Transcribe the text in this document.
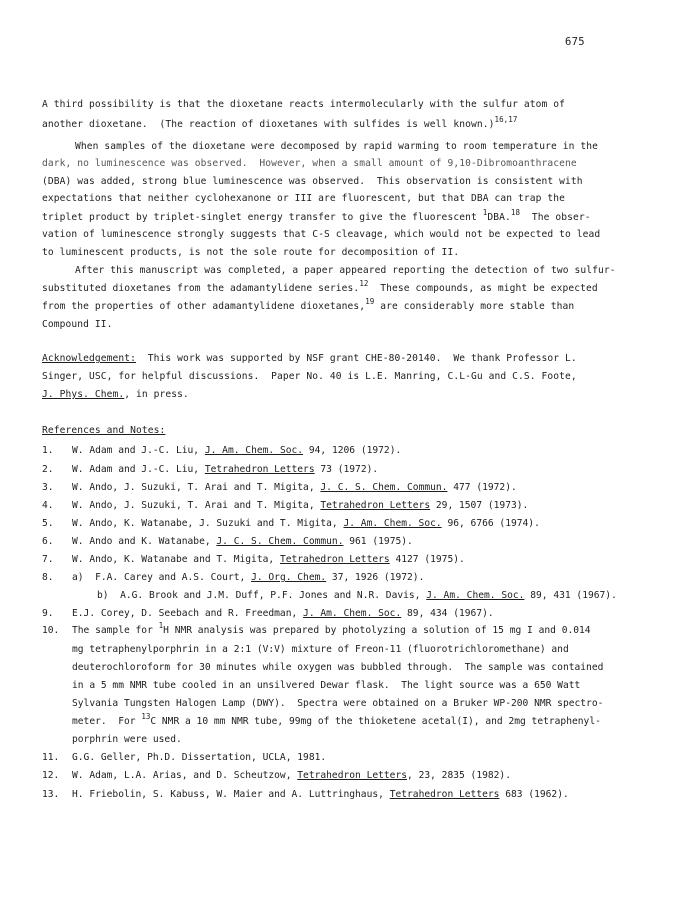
675
A third possibility is that the dioxetane reacts intermolecularly with the sulfur atom of
another dioxetane.  (The reaction of dioxetanes with sulfides is well known.)$^{16,17}$
When samples of the dioxetane were decomposed by rapid warming to room temperature in the
dark, no luminescence was observed.  However, when a small amount of 9,10-Dibromoanthracene
(DBA) was added, strong blue luminescence was observed.  This observation is consistent with
expectations that neither cyclohexanone or III are fluorescent, but that DBA can trap the
triplet product by triplet-singlet energy transfer to give the fluorescent $^1$DBA.$^{18}$  The obser-
vation of luminescence strongly suggests that C-S cleavage, which would not be expected to lead
to luminescent products, is not the sole route for decomposition of II.
After this manuscript was completed, a paper appeared reporting the detection of two sulfur-
substituted dioxetanes from the adamantylidene series.$^{12}$  These compounds, as might be expected
from the properties of other adamantylidene dioxetanes,$^{19}$ are considerably more stable than
Compound II.
Acknowledgement:  This work was supported by NSF grant CHE-80-20140.  We thank Professor L.
Singer, USC, for helpful discussions.  Paper No. 40 is L.E. Manring, C.L-Gu and C.S. Foote,
J. Phys. Chem., in press.
References and Notes:
1. W. Adam and J.-C. Liu, J. Am. Chem. Soc. 94, 1206 (1972).
2. W. Adam and J.-C. Liu, Tetrahedron Letters 73 (1972).
3. W. Ando, J. Suzuki, T. Arai and T. Migita, J. C. S. Chem. Commun. 477 (1972).
4. W. Ando, J. Suzuki, T. Arai and T. Migita, Tetrahedron Letters 29, 1507 (1973).
5. W. Ando, K. Watanabe, J. Suzuki and T. Migita, J. Am. Chem. Soc. 96, 6766 (1974).
6. W. Ando and K. Watanabe, J. C. S. Chem. Commun. 961 (1975).
7. W. Ando, K. Watanabe and T. Migita, Tetrahedron Letters 4127 (1975).
8. a)  F.A. Carey and A.S. Court, J. Org. Chem. 37, 1926 (1972).
b)  A.G. Brook and J.M. Duff, P.F. Jones and N.R. Davis, J. Am. Chem. Soc. 89, 431 (1967).
9. E.J. Corey, D. Seebach and R. Freedman, J. Am. Chem. Soc. 89, 434 (1967).
10. The sample for $^1$H NMR analysis was prepared by photolyzing a solution of 15 mg I and 0.014
mg tetraphenylporphrin in a 2:1 (V:V) mixture of Freon-11 (fluorotrichloromethane) and
deuterochloroform for 30 minutes while oxygen was bubbled through.  The sample was contained
in a 5 mm NMR tube cooled in an unsilvered Dewar flask.  The light source was a 650 Watt
Sylvania Tungsten Halogen Lamp (DWY).  Spectra were obtained on a Bruker WP-200 NMR spectro-
meter.  For $^{13}$C NMR a 10 mm NMR tube, 99mg of the thioketene acetal(I), and 2mg tetraphenyl-
porphrin were used.
11. G.G. Geller, Ph.D. Dissertation, UCLA, 1981.
12. W. Adam, L.A. Arias, and D. Scheutzow, Tetrahedron Letters, 23, 2835 (1982).
13. H. Friebolin, S. Kabuss, W. Maier and A. Luttringhaus, Tetrahedron Letters 683 (1962).
